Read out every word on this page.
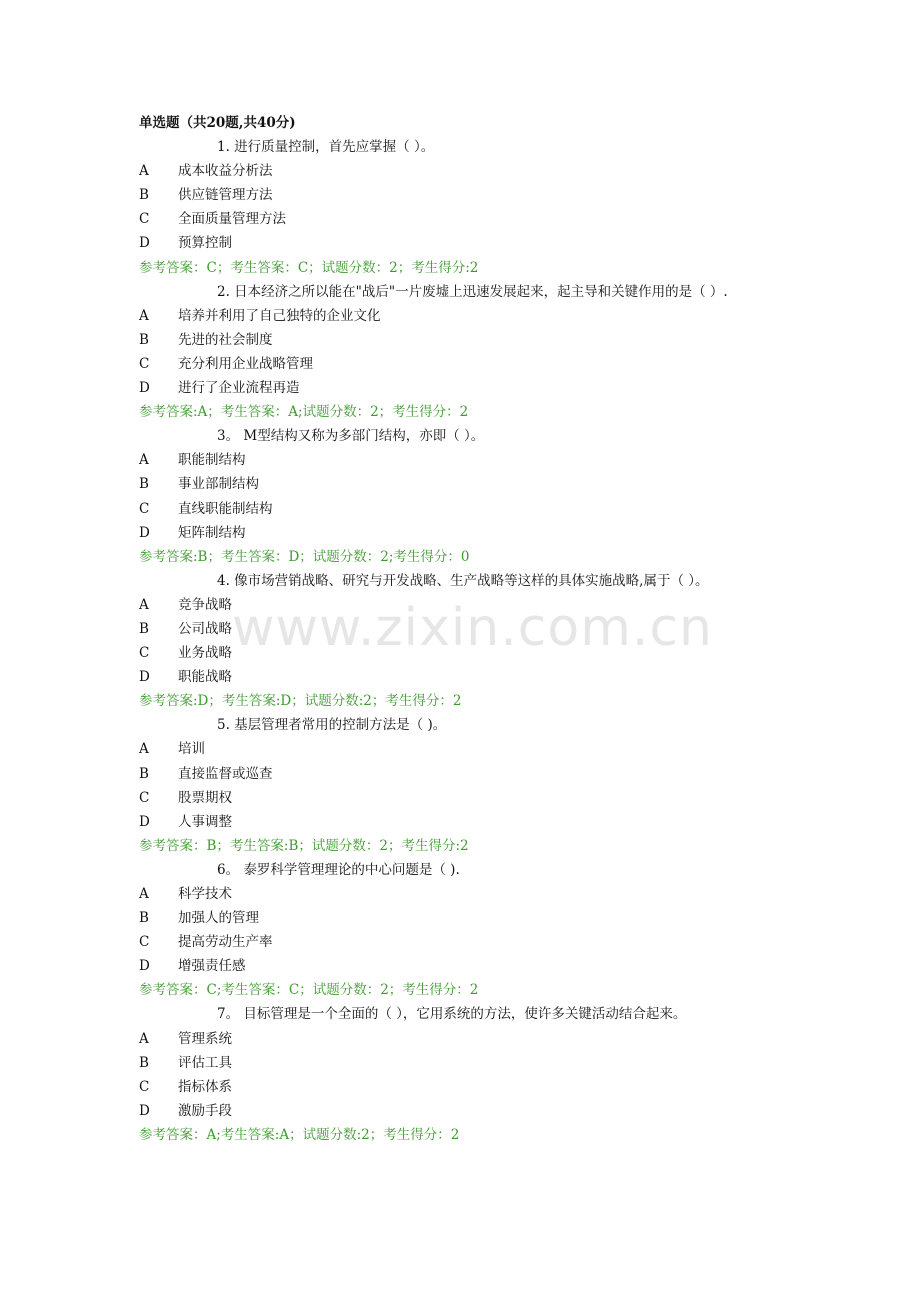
www.zixin.com.cn
单选题（共20题,共40分)
1. 进行质量控制，首先应掌握（ ）。
A	成本收益分析法
B	供应链管理方法
C	全面质量管理方法
D	预算控制
参考答案：C；考生答案：C；试题分数：2；考生得分:2
2. 日本经济之所以能在"战后"一片废墟上迅速发展起来，起主导和关键作用的是（ ）.
A	培养并利用了自己独特的企业文化
B	先进的社会制度
C	充分利用企业战略管理
D	进行了企业流程再造
参考答案:A；考生答案：A;试题分数：2；考生得分：2
3。 M型结构又称为多部门结构，亦即（ ）。
A	职能制结构
B	事业部制结构
C	直线职能制结构
D	矩阵制结构
参考答案:B；考生答案：D；试题分数：2;考生得分：0
4. 像市场营销战略、研究与开发战略、生产战略等这样的具体实施战略,属于（ ）。
A	竞争战略
B	公司战略
C	业务战略
D	职能战略
参考答案:D；考生答案:D；试题分数:2；考生得分：2
5. 基层管理者常用的控制方法是（ )。
A	培训
B	直接监督或巡查
C	股票期权
D	人事调整
参考答案：B；考生答案:B；试题分数：2；考生得分:2
6。 泰罗科学管理理论的中心问题是（ ).
A	科学技术
B	加强人的管理
C	提高劳动生产率
D	增强责任感
参考答案：C;考生答案：C；试题分数：2；考生得分：2
7。 目标管理是一个全面的（ ），它用系统的方法，使许多关键活动结合起来。
A	管理系统
B	评估工具
C	指标体系
D	激励手段
参考答案：A;考生答案:A；试题分数:2；考生得分：2
